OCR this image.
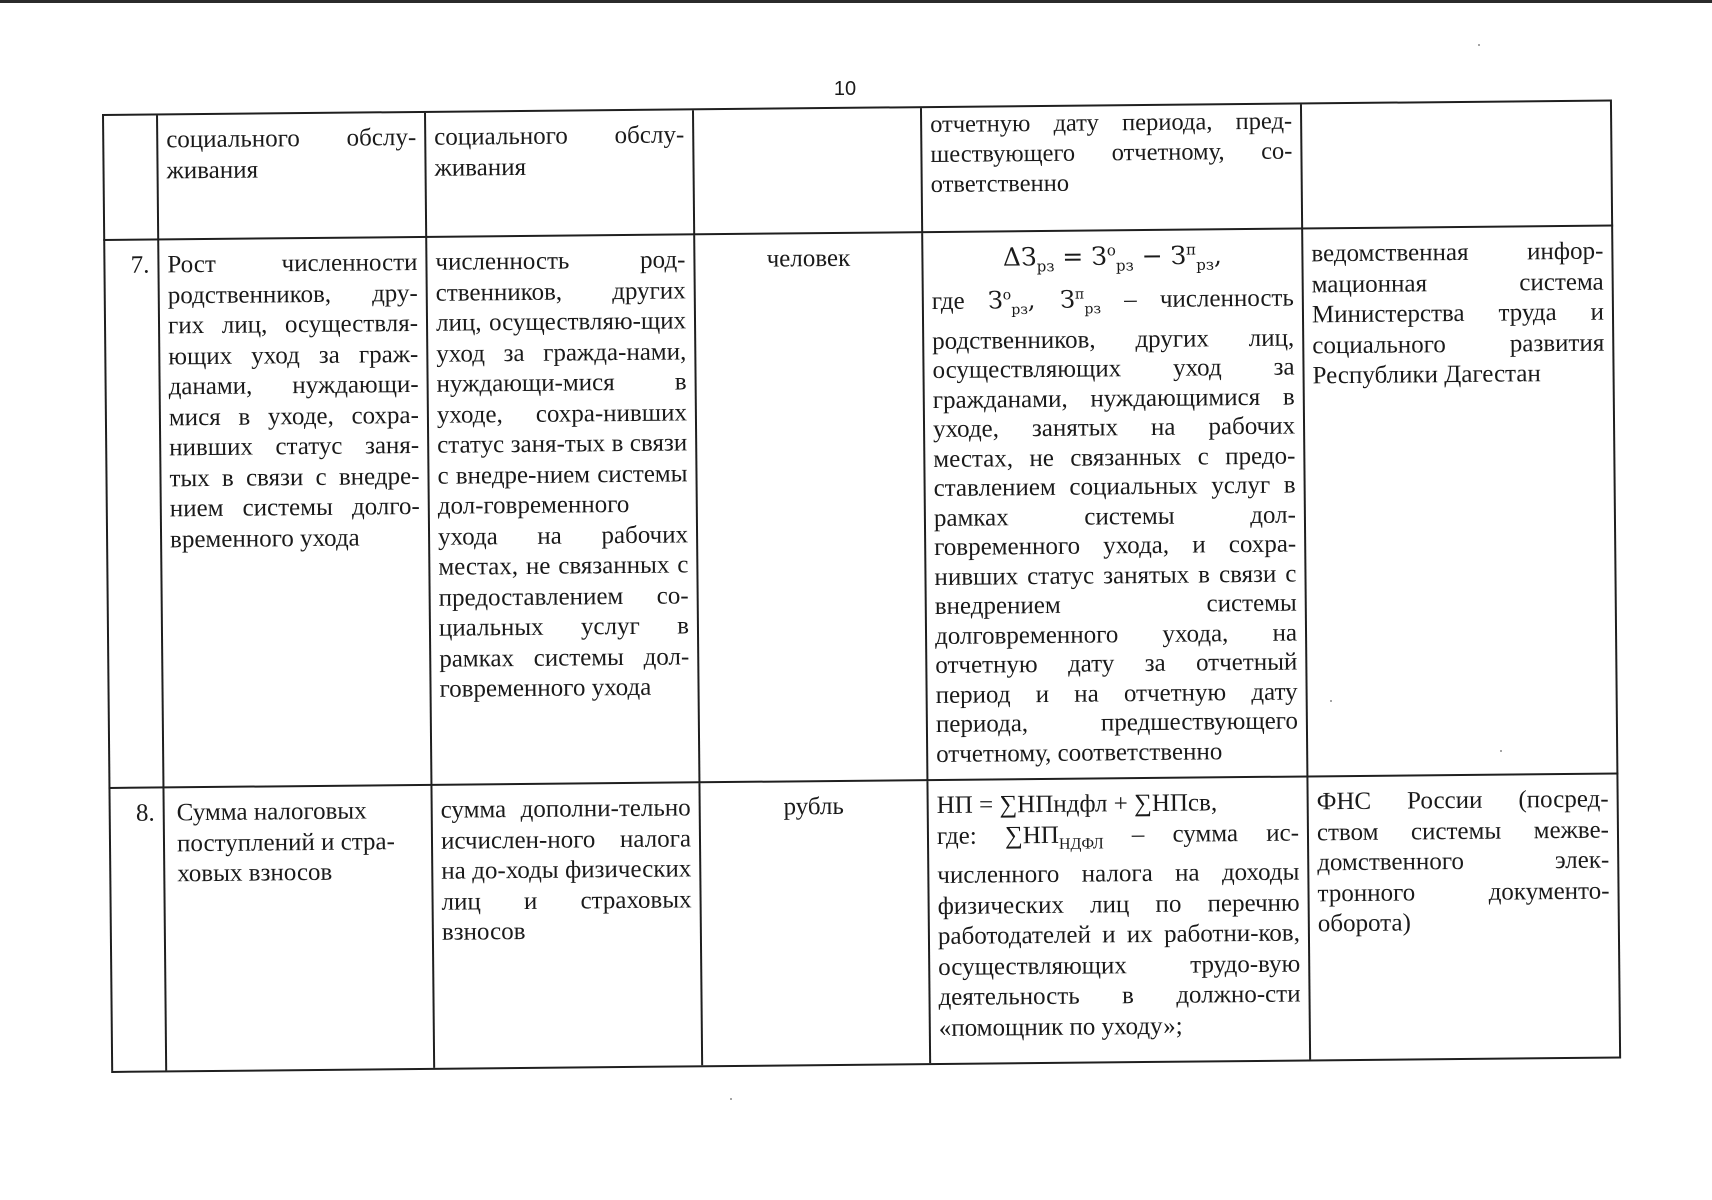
10
социального обслу-живания
социального обслу-живания
отчетную дату периода, пред-шествующего отчетному, со-ответственно
7. Рост численности родственников, дру-гих лиц, осуществля-ющих уход за граж-данами, нуждающи-мися в уходе, сохра-нивших статус заня-тых в связи с внедре-нием системы долго-временного ухода
численность род-ственников, других лиц, осуществляю-щих уход за гражда-нами, нуждающи-мися в уходе, сохра-нивших статус заня-тых в связи с внедре-нием системы дол-говременного ухода на рабочих местах, не связанных с предоставлением со-циальных услуг в рамках системы дол-говременного ухода
человек	$\Delta З_{рз} = З^о_{рз} - З^п_{рз}$,
где $З^о_{рз}$, $З^п_{рз}$ – численность родственников, других лиц, осуществляющих уход за гражданами, нуждающимися в уходе, занятых на рабочих местах, не связанных с предо-ставлением социальных услуг в рамках системы дол-говременного ухода, и сохра-нивших статус занятых в связи с внедрением системы долговременного ухода, на отчетную дату за отчетный период и на отчетную дату периода, предшествующего отчетному, соответственно
ведомственная инфор-мационная система Министерства труда и социального развития Республики Дагестан
8. Сумма налоговых поступлений и стра-ховых взносов
сумма дополни-тельно исчислен-ного налога на до-ходы физических лиц и страховых взносов
рубль	НП = ∑НПндфл + ∑НПсв,
где: $\sum НП_{НДФЛ}$ – сумма ис-численного налога на доходы физических лиц по перечню работодателей и их работни-ков, осуществляющих трудо-вую деятельность в должно-сти «помощник по уходу»;
ФНС России (посред-ством системы межве-домственного элек-тронного документо-оборота)
